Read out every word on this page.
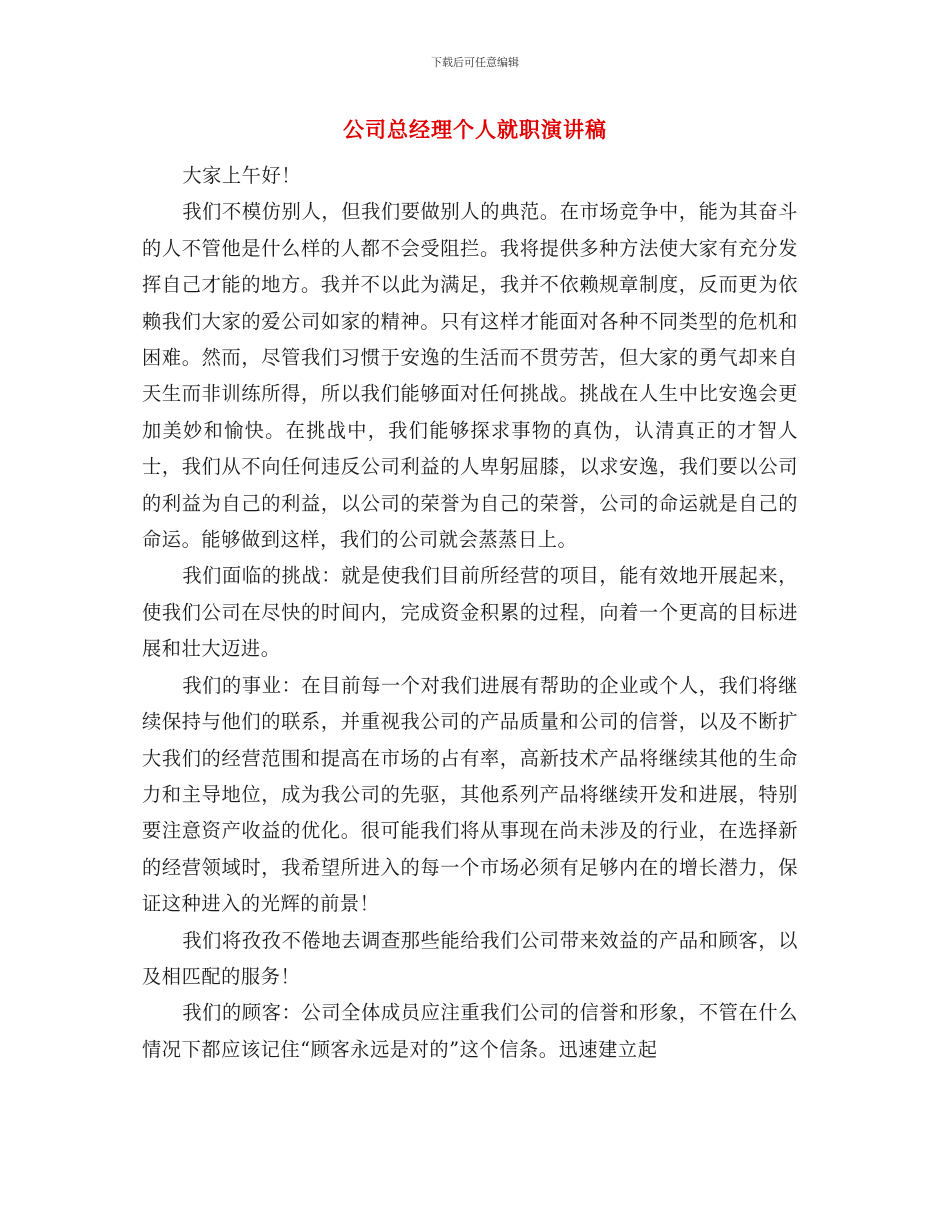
下载后可任意编辑
公司总经理个人就职演讲稿

大家上午好！

我们不模仿别人，但我们要做别人的典范。在市场竞争中，能为其奋斗的人不管他是什么样的人都不会受阻拦。我将提供多种方法使大家有充分发挥自己才能的地方。我并不以此为满足，我并不依赖规章制度，反而更为依赖我们大家的爱公司如家的精神。只有这样才能面对各种不同类型的危机和困难。然而，尽管我们习惯于安逸的生活而不贯劳苦，但大家的勇气却来自天生而非训练所得，所以我们能够面对任何挑战。挑战在人生中比安逸会更加美妙和愉快。在挑战中，我们能够探求事物的真伪，认清真正的才智人士，我们从不向任何违反公司利益的人卑躬屈膝，以求安逸，我们要以公司的利益为自己的利益，以公司的荣誉为自己的荣誉，公司的命运就是自己的命运。能够做到这样，我们的公司就会蒸蒸日上。

我们面临的挑战：就是使我们目前所经营的项目，能有效地开展起来，使我们公司在尽快的时间内，完成资金积累的过程，向着一个更高的目标进展和壮大迈进。

我们的事业：在目前每一个对我们进展有帮助的企业或个人，我们将继续保持与他们的联系，并重视我公司的产品质量和公司的信誉，以及不断扩大我们的经营范围和提高在市场的占有率，高新技术产品将继续其他的生命力和主导地位，成为我公司的先驱，其他系列产品将继续开发和进展，特别要注意资产收益的优化。很可能我们将从事现在尚未涉及的行业，在选择新的经营领域时，我希望所进入的每一个市场必须有足够内在的增长潜力，保证这种进入的光辉的前景！

我们将孜孜不倦地去调查那些能给我们公司带来效益的产品和顾客，以及相匹配的服务！

我们的顾客：公司全体成员应注重我们公司的信誉和形象，不管在什么情况下都应该记住“顾客永远是对的”这个信条。迅速建立起
